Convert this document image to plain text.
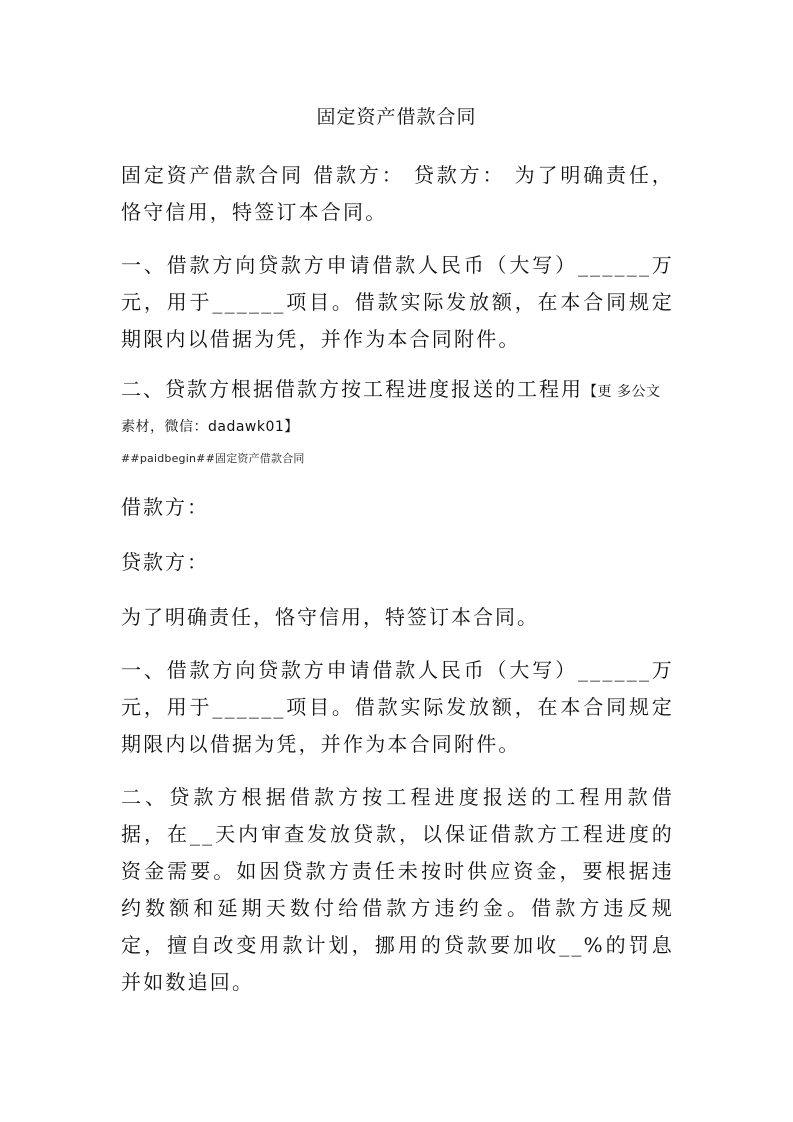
固定资产借款合同

固定资产借款合同 借款方： 贷款方： 为了明确责任，恪守信用，特签订本合同。

一、借款方向贷款方申请借款人民币（大写）______万元，用于______项目。借款实际发放额，在本合同规定期限内以借据为凭，并作为本合同附件。

二、贷款方根据借款方按工程进度报送的工程用【更 多公文素材，微信：dadawk01】

##paidbegin##固定资产借款合同

借款方：

贷款方：

为了明确责任，恪守信用，特签订本合同。

一、借款方向贷款方申请借款人民币（大写）______万元，用于______项目。借款实际发放额，在本合同规定期限内以借据为凭，并作为本合同附件。

二、贷款方根据借款方按工程进度报送的工程用款借据，在__天内审查发放贷款，以保证借款方工程进度的资金需要。如因贷款方责任未按时供应资金，要根据违约数额和延期天数付给借款方违约金。借款方违反规定，擅自改变用款计划，挪用的贷款要加收__%的罚息并如数追回。
